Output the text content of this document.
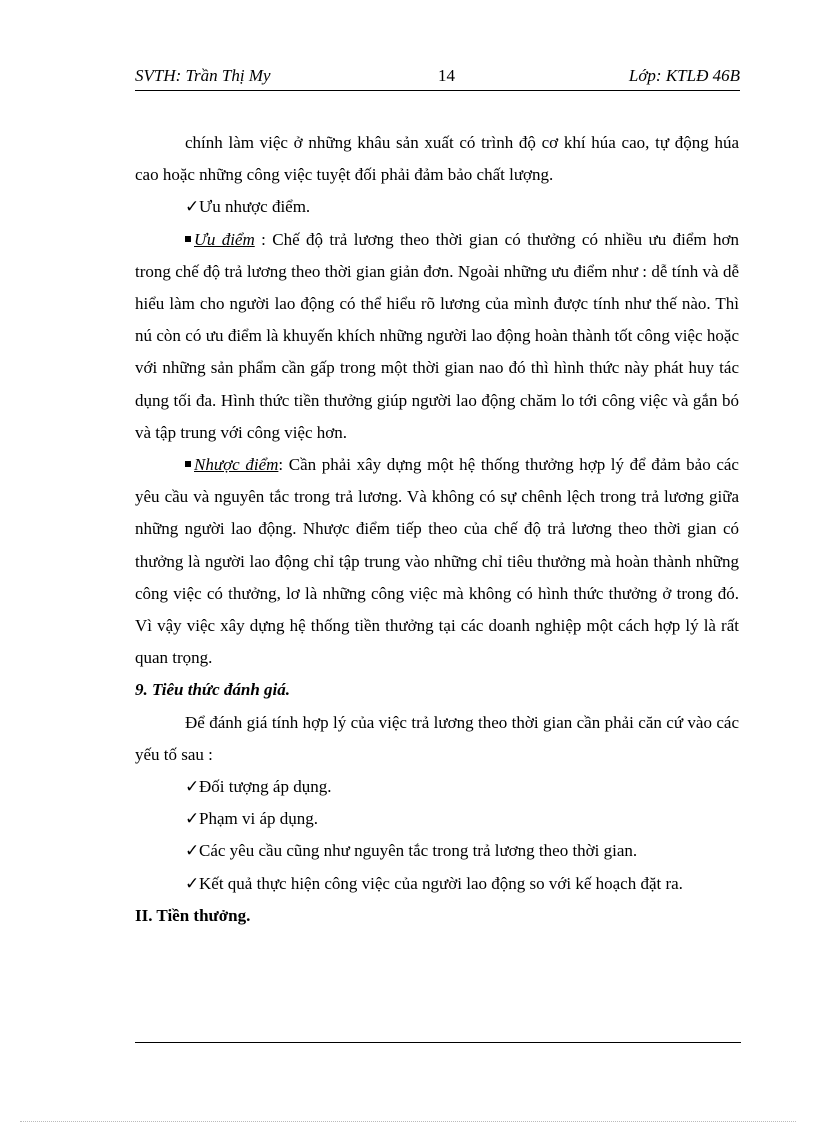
SVTH: Trần Thị My	14	Lớp: KTLĐ 46B

chính làm việc ở những khâu sản xuất có trình độ cơ khí húa cao, tự động húa cao hoặc những công việc tuyệt đối phải đảm bảo chất lượng.

✓Ưu nhược điểm.

Ưu điểm : Chế độ trả lương theo thời gian có thưởng có nhiều ưu điểm hơn trong chế độ trả lương theo thời gian giản đơn. Ngoài những ưu điểm như : dễ tính và dễ hiểu làm cho người lao động có thể hiểu rõ lương của mình được tính như thế nào. Thì nú còn có ưu điểm là khuyến khích những người lao động hoàn thành tốt công việc hoặc với những sản phẩm cần gấp trong một thời gian nao đó thì hình thức này phát huy tác dụng tối đa. Hình thức tiền thưởng giúp người lao động chăm lo tới công việc và gắn bó và tập trung với công việc hơn.

Nhược điểm: Cần phải xây dựng một hệ thống thưởng hợp lý để đảm bảo các yêu cầu và nguyên tắc trong trả lương. Và không có sự chênh lệch trong trả lương giữa những người lao động. Nhược điểm tiếp theo của chế độ trả lương theo thời gian có thưởng là người lao động chỉ tập trung vào những chỉ tiêu thưởng mà hoàn thành những công việc có thưởng, lơ là những công việc mà không có hình thức thưởng ở trong đó. Vì vậy việc xây dựng hệ thống tiền thưởng tại các doanh nghiệp một cách hợp lý là rất quan trọng.

9. Tiêu thức đánh giá.

Để đánh giá tính hợp lý của việc trả lương theo thời gian cần phải căn cứ vào các yếu tố sau :

✓Đối tượng áp dụng.

✓Phạm vi áp dụng.

✓Các yêu cầu cũng như nguyên tắc trong trả lương theo thời gian.

✓Kết quả thực hiện công việc của người lao động so với kế hoạch đặt ra.

II. Tiền thưởng.
